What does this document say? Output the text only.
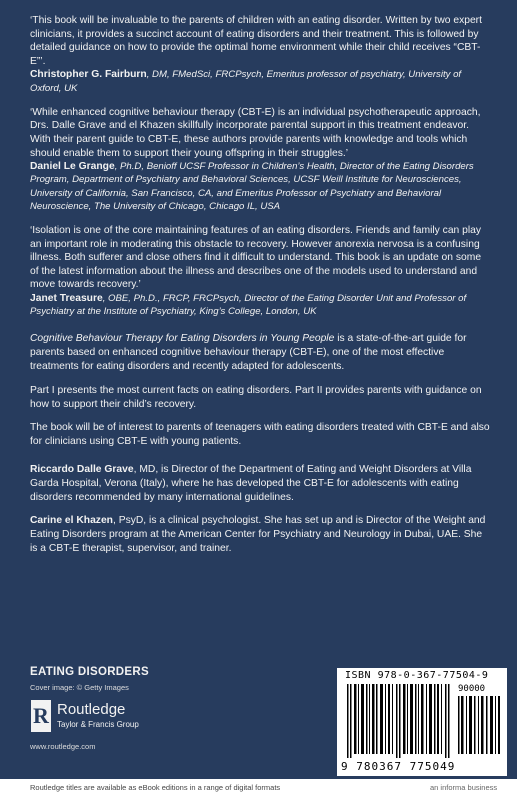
‘This book will be invaluable to the parents of children with an eating disorder. Written by two expert clinicians, it provides a succinct account of eating disorders and their treatment. This is followed by detailed guidance on how to provide the optimal home environment while their child receives “CBT-E”’.

Christopher G. Fairburn, DM, FMedSci, FRCPsych, Emeritus professor of psychiatry, University of Oxford, UK

‘While enhanced cognitive behaviour therapy (CBT-E) is an individual psychotherapeutic approach, Drs. Dalle Grave and el Khazen skillfully incorporate parental support in this treatment endeavor. With their parent guide to CBT-E, these authors provide parents with knowledge and tools which should enable them to support their young offspring in their struggles.’

Daniel Le Grange, Ph.D, Benioff UCSF Professor in Children’s Health, Director of the Eating Disorders Program, Department of Psychiatry and Behavioral Sciences, UCSF Weill Institute for Neurosciences, University of California, San Francisco, CA, and Emeritus Professor of Psychiatry and Behavioral Neuroscience, The University of Chicago, Chicago IL, USA

‘Isolation is one of the core maintaining features of an eating disorders. Friends and family can play an important role in moderating this obstacle to recovery. However anorexia nervosa is a confusing illness. Both sufferer and close others find it difficult to understand. This book is an update on some of the latest information about the illness and describes one of the models used to understand and move towards recovery.’

Janet Treasure, OBE, Ph.D., FRCP, FRCPsych, Director of the Eating Disorder Unit and Professor of Psychiatry at the Institute of Psychiatry, King’s College, London, UK

Cognitive Behaviour Therapy for Eating Disorders in Young People is a state-of-the-art guide for parents based on enhanced cognitive behaviour therapy (CBT-E), one of the most effective treatments for eating disorders and recently adapted for adolescents.

Part I presents the most current facts on eating disorders. Part II provides parents with guidance on how to support their child’s recovery.

The book will be of interest to parents of teenagers with eating disorders treated with CBT-E and also for clinicians using CBT-E with young patients.

Riccardo Dalle Grave, MD, is Director of the Department of Eating and Weight Disorders at Villa Garda Hospital, Verona (Italy), where he has developed the CBT-E for adolescents with eating disorders recommended by many international guidelines.

Carine el Khazen, PsyD, is a clinical psychologist. She has set up and is Director of the Weight and Eating Disorders program at the American Center for Psychiatry and Neurology in Dubai, UAE. She is a CBT-E therapist, supervisor, and trainer.

EATING DISORDERS
Cover image: © Getty Images
R Routledge
Taylor & Francis Group
www.routledge.com
ISBN 978-0-367-77504-9
90000
9 780367 775049
Routledge titles are available as eBook editions in a range of digital formats	an informa business
